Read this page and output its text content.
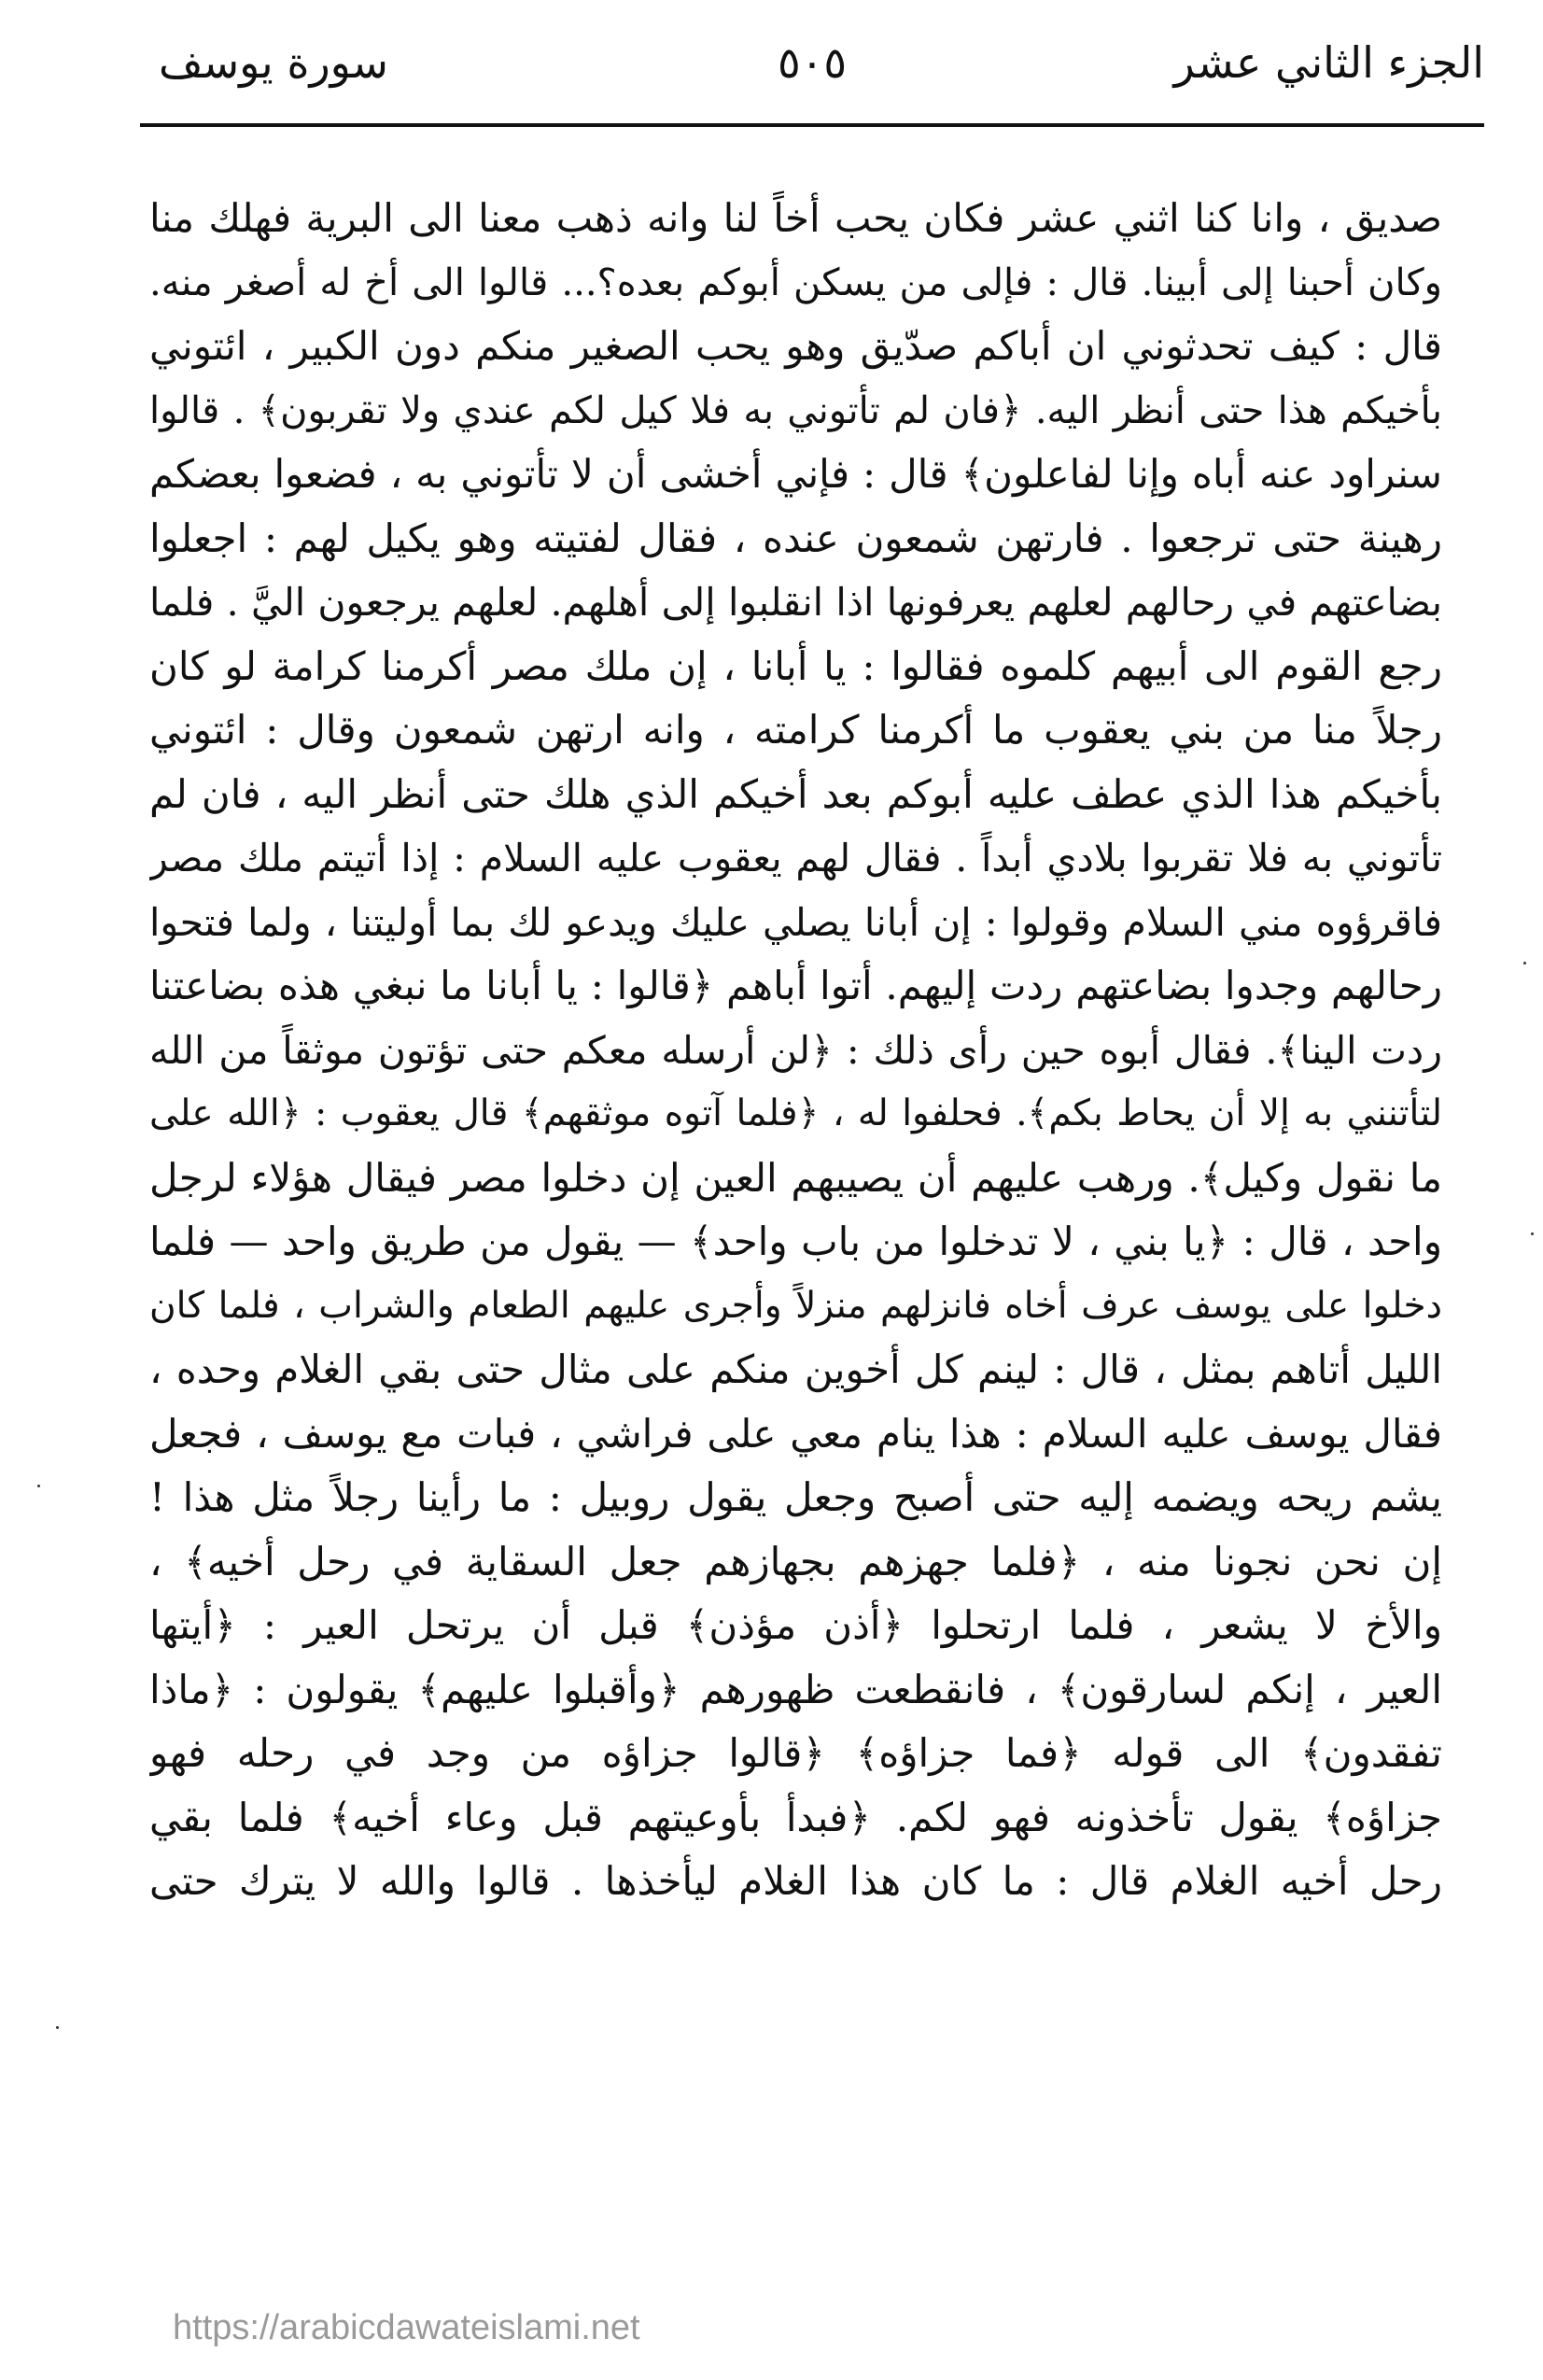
الجزء الثاني عشر
٥٠٥
سورة يوسف
صديق ، وانا كنا اثني عشر فكان يحب أخاً لنا وانه ذهب معنا الى البرية فهلك منا
وكان أحبنا إلى أبينا. قال : فإلى من يسكن أبوكم بعده؟... قالوا الى أخ له أصغر منه.
قال : كيف تحدثوني ان أباكم صدّيق وهو يحب الصغير منكم دون الكبير ، ائتوني
بأخيكم هذا حتى أنظر اليه. ﴿فان لم تأتوني به فلا كيل لكم عندي ولا تقربون﴾ . قالوا
سنراود عنه أباه وإنا لفاعلون﴾ قال : فإني أخشى أن لا تأتوني به ، فضعوا بعضكم
رهينة حتى ترجعوا . فارتهن شمعون عنده ، فقال لفتيته وهو يكيل لهم : اجعلوا
بضاعتهم في رحالهم لعلهم يعرفونها اذا انقلبوا إلى أهلهم. لعلهم يرجعون اليَّ . فلما
رجع القوم الى أبيهم كلموه فقالوا : يا أبانا ، إن ملك مصر أكرمنا كرامة لو كان
رجلاً منا من بني يعقوب ما أكرمنا كرامته ، وانه ارتهن شمعون وقال : ائتوني
بأخيكم هذا الذي عطف عليه أبوكم بعد أخيكم الذي هلك حتى أنظر اليه ، فان لم
تأتوني به فلا تقربوا بلادي أبداً . فقال لهم يعقوب عليه السلام : إذا أتيتم ملك مصر
فاقرؤوه مني السلام وقولوا : إن أبانا يصلي عليك ويدعو لك بما أوليتنا ، ولما فتحوا
رحالهم وجدوا بضاعتهم ردت إليهم. أتوا أباهم ﴿قالوا : يا أبانا ما نبغي هذه بضاعتنا
ردت الينا﴾. فقال أبوه حين رأى ذلك : ﴿لن أرسله معكم حتى تؤتون موثقاً من الله
لتأتنني به إلا أن يحاط بكم﴾. فحلفوا له ، ﴿فلما آتوه موثقهم﴾ قال يعقوب : ﴿الله على
ما نقول وكيل﴾. ورهب عليهم أن يصيبهم العين إن دخلوا مصر فيقال هؤلاء لرجل
واحد ، قال : ﴿يا بني ، لا تدخلوا من باب واحد﴾ — يقول من طريق واحد — فلما
دخلوا على يوسف عرف أخاه فانزلهم منزلاً وأجرى عليهم الطعام والشراب ، فلما كان
الليل أتاهم بمثل ، قال : لينم كل أخوين منكم على مثال حتى بقي الغلام وحده ،
فقال يوسف عليه السلام : هذا ينام معي على فراشي ، فبات مع يوسف ، فجعل
يشم ريحه ويضمه إليه حتى أصبح وجعل يقول روبيل : ما رأينا رجلاً مثل هذا !
إن نحن نجونا منه ، ﴿فلما جهزهم بجهازهم جعل السقاية في رحل أخيه﴾ ،
والأخ لا يشعر ، فلما ارتحلوا ﴿أذن مؤذن﴾ قبل أن يرتحل العير : ﴿أيتها
العير ، إنكم لسارقون﴾ ، فانقطعت ظهورهم ﴿وأقبلوا عليهم﴾ يقولون : ﴿ماذا
تفقدون﴾ الى قوله ﴿فما جزاؤه﴾ ﴿قالوا جزاؤه من وجد في رحله فهو
جزاؤه﴾ يقول تأخذونه فهو لكم. ﴿فبدأ بأوعيتهم قبل وعاء أخيه﴾ فلما بقي
رحل أخيه الغلام قال : ما كان هذا الغلام ليأخذها . قالوا والله لا يترك حتى
https://arabicdawateislami.net
